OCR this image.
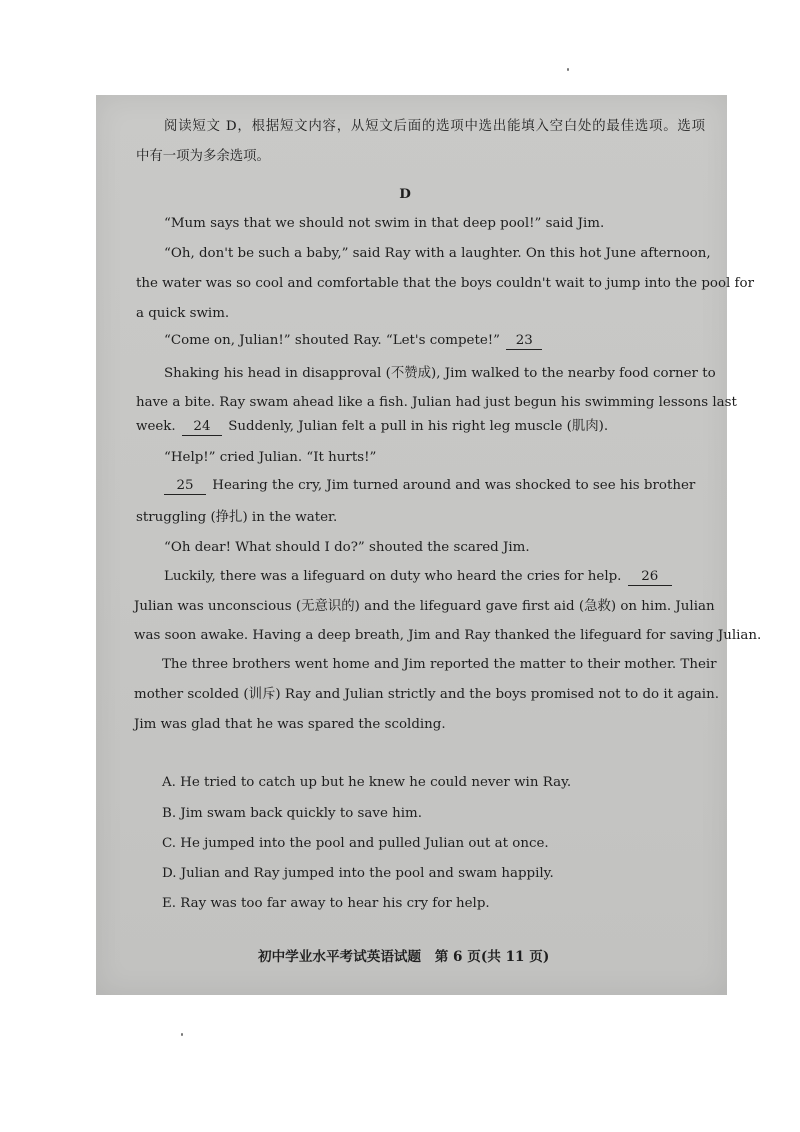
阅读短文 D，根据短文内容，从短文后面的选项中选出能填入空白处的最佳选项。选项

中有一项为多余选项。

D

“Mum says that we should not swim in that deep pool!” said Jim.

“Oh, don't be such a baby,” said Ray with a laughter. On this hot June afternoon,

the water was so cool and comfortable that the boys couldn't wait to jump into the pool for

a quick swim.

“Come on, Julian!” shouted Ray. “Let's compete!” 23

Shaking his head in disapproval (不赞成), Jim walked to the nearby food corner to

have a bite. Ray swam ahead like a fish. Julian had just begun his swimming lessons last

week. 24 Suddenly, Julian felt a pull in his right leg muscle (肌肉).

“Help!” cried Julian. “It hurts!”

25 Hearing the cry, Jim turned around and was shocked to see his brother

struggling (挣扎) in the water.

“Oh dear! What should I do?” shouted the scared Jim.

Luckily, there was a lifeguard on duty who heard the cries for help. 26

Julian was unconscious (无意识的) and the lifeguard gave first aid (急救) on him. Julian

was soon awake. Having a deep breath, Jim and Ray thanked the lifeguard for saving Julian.

The three brothers went home and Jim reported the matter to their mother. Their

mother scolded (训斥) Ray and Julian strictly and the boys promised not to do it again.

Jim was glad that he was spared the scolding.

A. He tried to catch up but he knew he could never win Ray.

B. Jim swam back quickly to save him.

C. He jumped into the pool and pulled Julian out at once.

D. Julian and Ray jumped into the pool and swam happily.

E. Ray was too far away to hear his cry for help.

初中学业水平考试英语试题　第 6 页(共 11 页)
